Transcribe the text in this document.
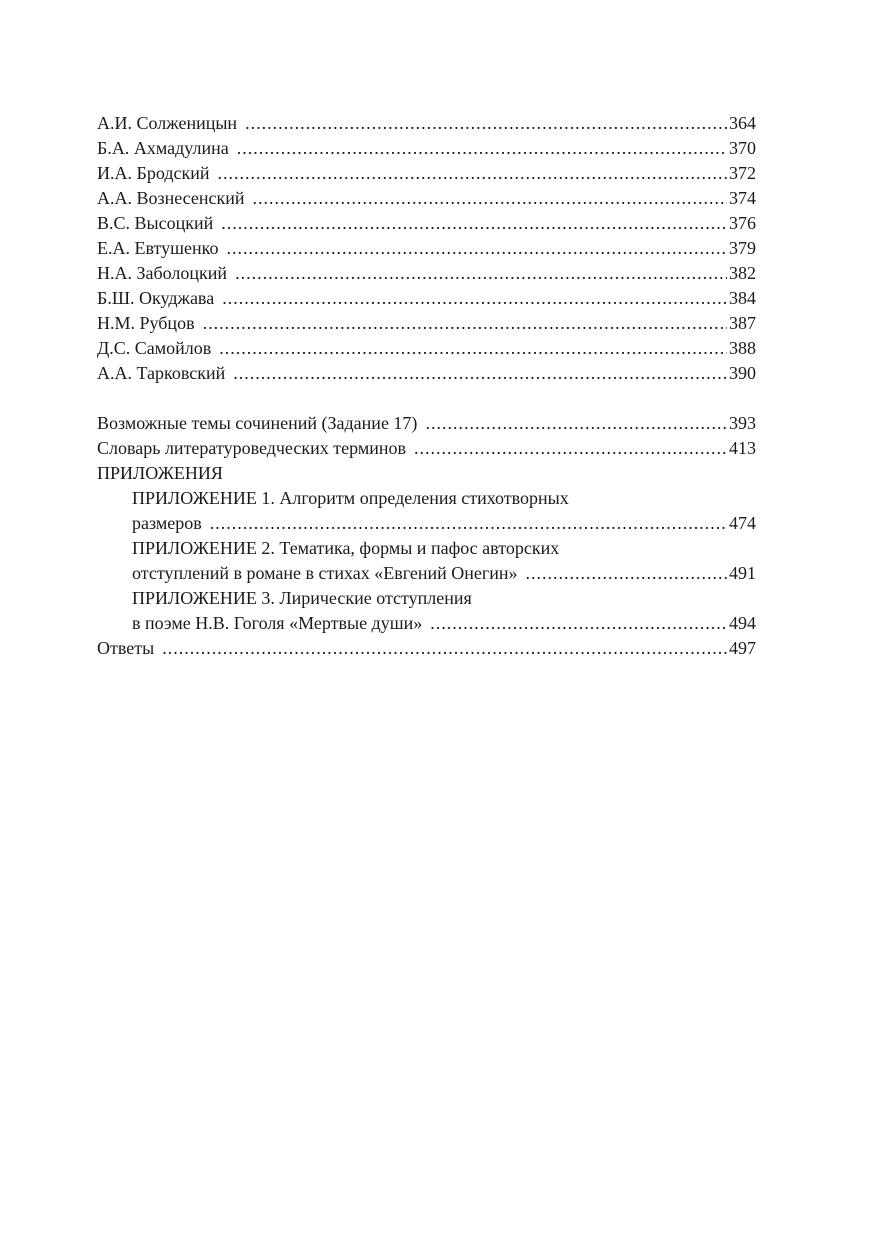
А.И. Солженицын .....	364
Б.А. Ахмадулина .....	370
И.А. Бродский .....	372
А.А. Вознесенский .....	374
В.С. Высоцкий .....	376
Е.А. Евтушенко .....	379
Н.А. Заболоцкий .....	382
Б.Ш. Окуджава .....	384
Н.М. Рубцов .....	387
Д.С. Самойлов .....	388
А.А. Тарковский .....	390
Возможные темы сочинений (Задание 17) .....	393
Словарь литературоведческих терминов .....	413
ПРИЛОЖЕНИЯ
ПРИЛОЖЕНИЕ 1. Алгоритм определения стихотворных
размеров .....	474
ПРИЛОЖЕНИЕ 2. Тематика, формы и пафос авторских
отступлений в романе в стихах «Евгений Онегин» .....	491
ПРИЛОЖЕНИЕ 3. Лирические отступления
в поэме Н.В. Гоголя «Мертвые души» .....	494
Ответы .....	497
